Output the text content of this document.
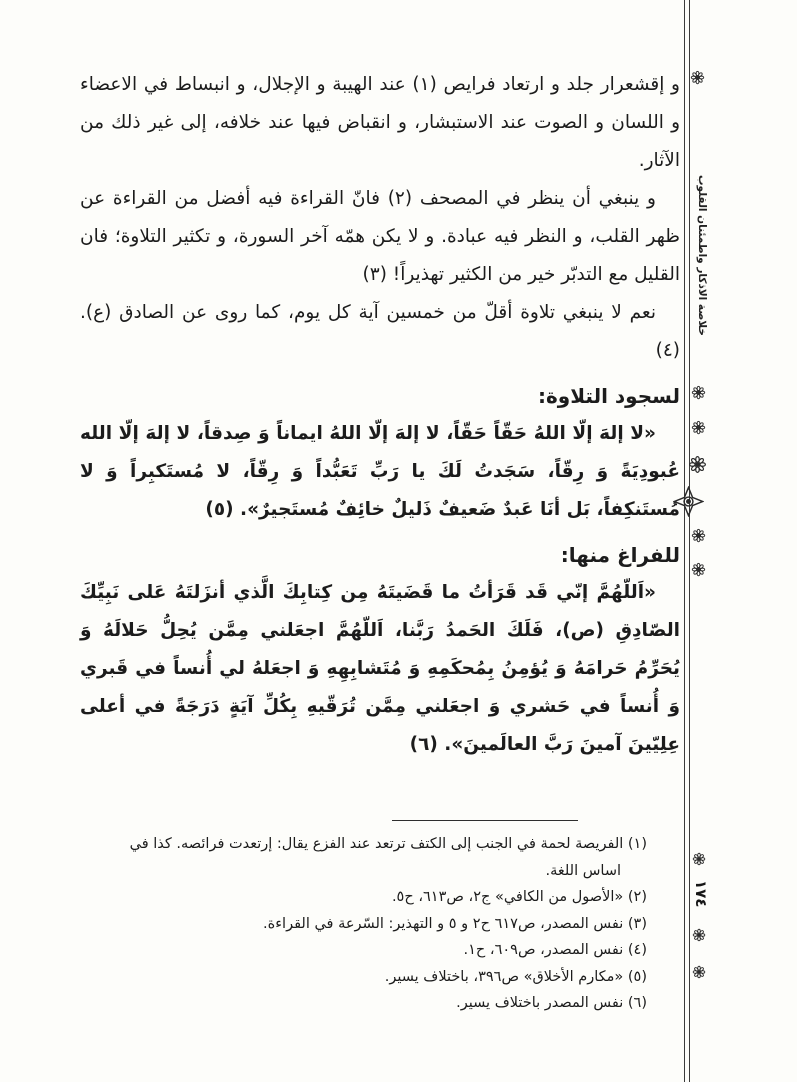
و إقشعرار جلد و ارتعاد فرايص (١) عند الهيبة و الإجلال، و انبساط في الاعضاء و اللسان و الصوت عند الاستبشار، و انقباض فيها عند خلافه، إلى غير ذلك من الآثار.

و ينبغي أن ينظر في المصحف (٢) فانّ القراءة فيه أفضل من القراءة عن ظهر القلب، و النظر فيه عبادة. و لا يكن همّه آخر السورة، و تكثير التلاوة؛ فان القليل مع التدبّر خير من الكثير تهذيراً! (٣)

نعم لا ينبغي تلاوة أقلّ من خمسين آية كل يوم، كما روى عن الصادق (ع). (٤)

لسجود التلاوة:

«لا إلهَ إلّا اللهُ حَقّاً حَقّاً، لا إلهَ إلّا اللهُ ايماناً وَ صِدقاً، لا إلهَ إلّا الله عُبودِيَةً وَ رِقّاً، سَجَدتُ لَكَ يا رَبِّ تَعَبُّداً وَ رِقّاً، لا مُستَكبِراً وَ لا مُستَنكِفاً، بَل أنَا عَبدٌ ضَعيفٌ ذَليلٌ خائِفٌ مُستَجيرٌ». (٥)

للفراغ منها:

«اَللّهُمَّ إنّي قَد قَرَأتُ ما قَضَيتَهُ مِن كِتابِكَ الَّذي أنزَلتَهُ عَلى نَبِيِّكَ الصّادِقِ (ص)، فَلَكَ الحَمدُ رَبَّنا، اَللّهُمَّ اجعَلني مِمَّن يُحِلُّ حَلالَهُ وَ يُحَرِّمُ حَرامَهُ وَ يُؤمِنُ بِمُحكَمِهِ وَ مُتَشابِهِهِ وَ اجعَلهُ لي أُنساً في قَبري وَ أُنساً في حَشري وَ اجعَلني مِمَّن تُرَقّيهِ بِكُلِّ آيَةٍ دَرَجَةً في أعلى عِلِيّينَ آمينَ رَبَّ العالَمينَ». (٦)

(١) الفريصة لحمة في الجنب إلى الكتف ترتعد عند الفزع يقال: إرتعدت فرائصه. كذا في اساس اللغة.

(٢) «الأصول من الكافي» ج٢، ص٦١٣، ح٥.

(٣) نفس المصدر، ص٦١٧ ح٢ و ٥ و التهذير: السّرعة في القراءة.

(٤) نفس المصدر، ص٦٠٩، ح١.

(٥) «مكارم الأخلاق» ص٣٩٦، باختلاف يسير.

(٦) نفس المصدر باختلاف يسير.

خلاصة الاذكار واطمئنان القلوب
١٧٤
